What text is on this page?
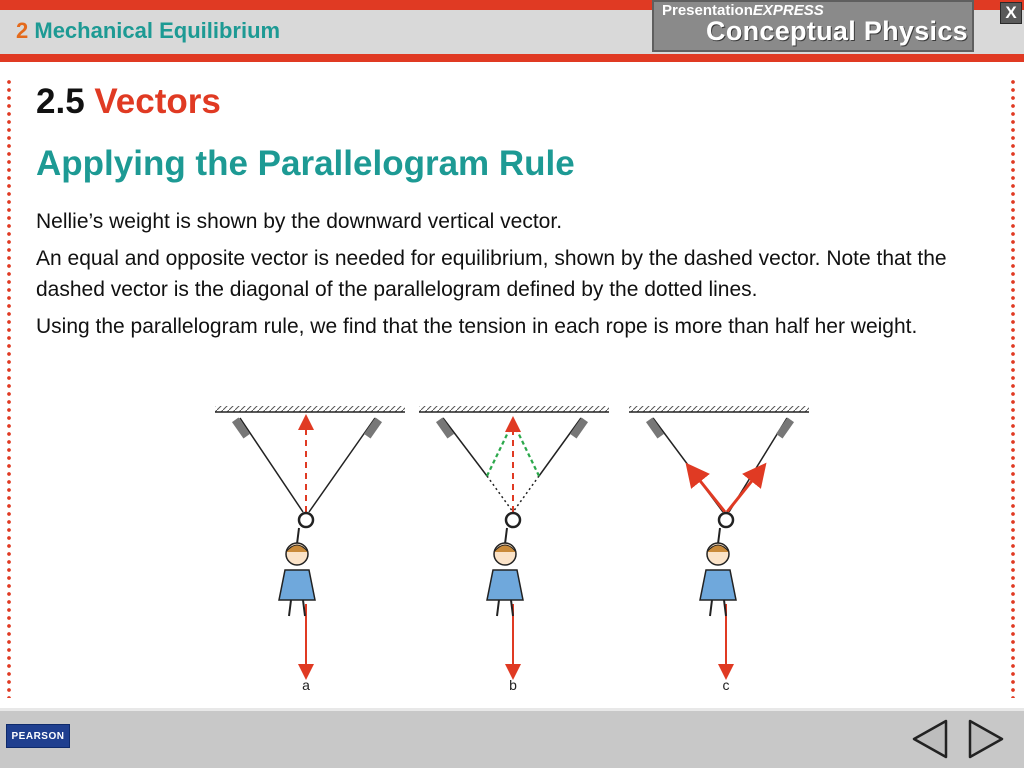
2 Mechanical Equilibrium
PresentationEXPRESS
Conceptual Physics
X
2.5 Vectors
Applying the Parallelogram Rule

Nellie’s weight is shown by the downward vertical vector.

An equal and opposite vector is needed for equilibrium, shown by the dashed vector. Note that the dashed vector is the diagonal of the parallelogram defined by the dotted lines.

Using the parallelogram rule, we find that the tension in each rope is more than half her weight.

a	b	c
PEARSON
